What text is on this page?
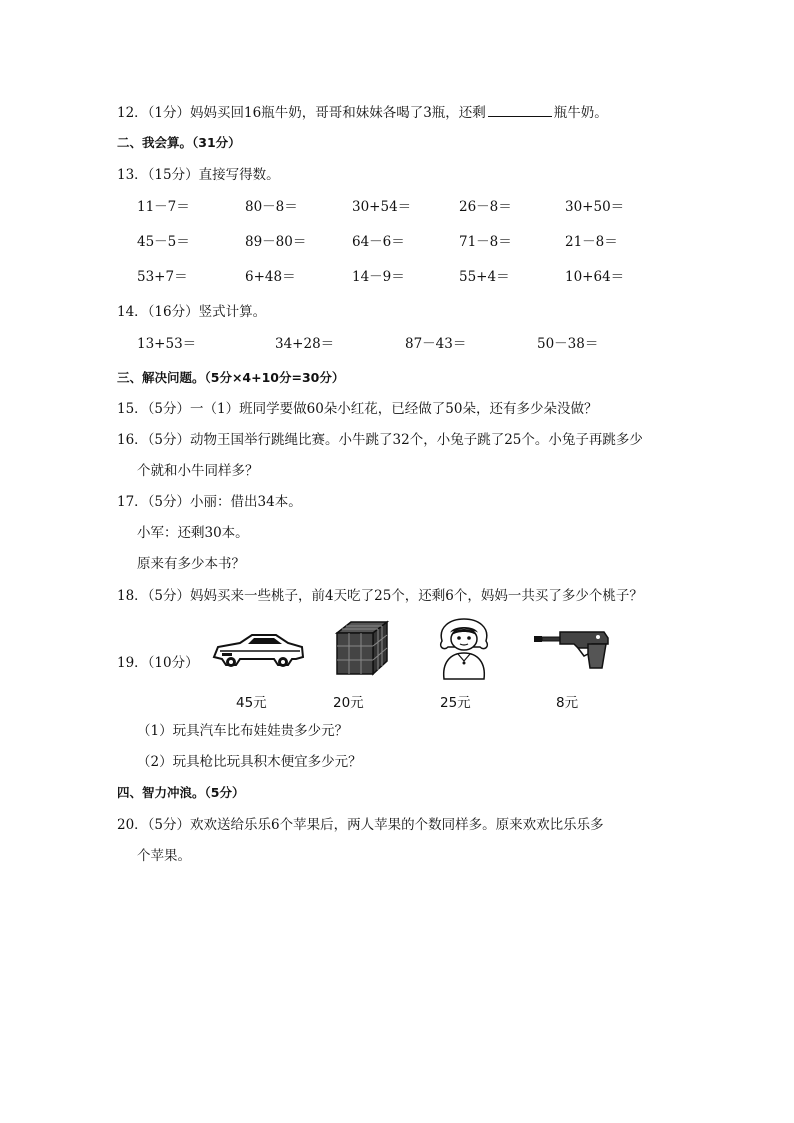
12．（1分）妈妈买回16瓶牛奶，哥哥和妹妹各喝了3瓶，还剩	瓶牛奶。
二、我会算。（31分）
13．（15分）直接写得数。
11－7＝	80－8＝	30+54＝	26－8＝	30+50＝
45－5＝	89－80＝	64－6＝	71－8＝	21－8＝
53+7＝	6+48＝	14－9＝	55+4＝	10+64＝
14．（16分）竖式计算。
13+53＝	34+28＝	87－43＝	50－38＝
三、解决问题。（5分×4+10分=30分）
15．（5分）一（1）班同学要做60朵小红花，已经做了50朵，还有多少朵没做？
16．（5分）动物王国举行跳绳比赛。小牛跳了32个，小兔子跳了25个。小兔子再跳多少
个就和小牛同样多？
17．（5分）小丽：借出34本。
小军：还剩30本。
原来有多少本书？
18．（5分）妈妈买来一些桃子，前4天吃了25个，还剩6个，妈妈一共买了多少个桃子？
19．（10分）
45元	20元	25元	8元
（1）玩具汽车比布娃娃贵多少元？
（2）玩具枪比玩具积木便宜多少元？
四、智力冲浪。（5分）
20．（5分）欢欢送给乐乐6个苹果后，两人苹果的个数同样多。原来欢欢比乐乐多
个苹果。
